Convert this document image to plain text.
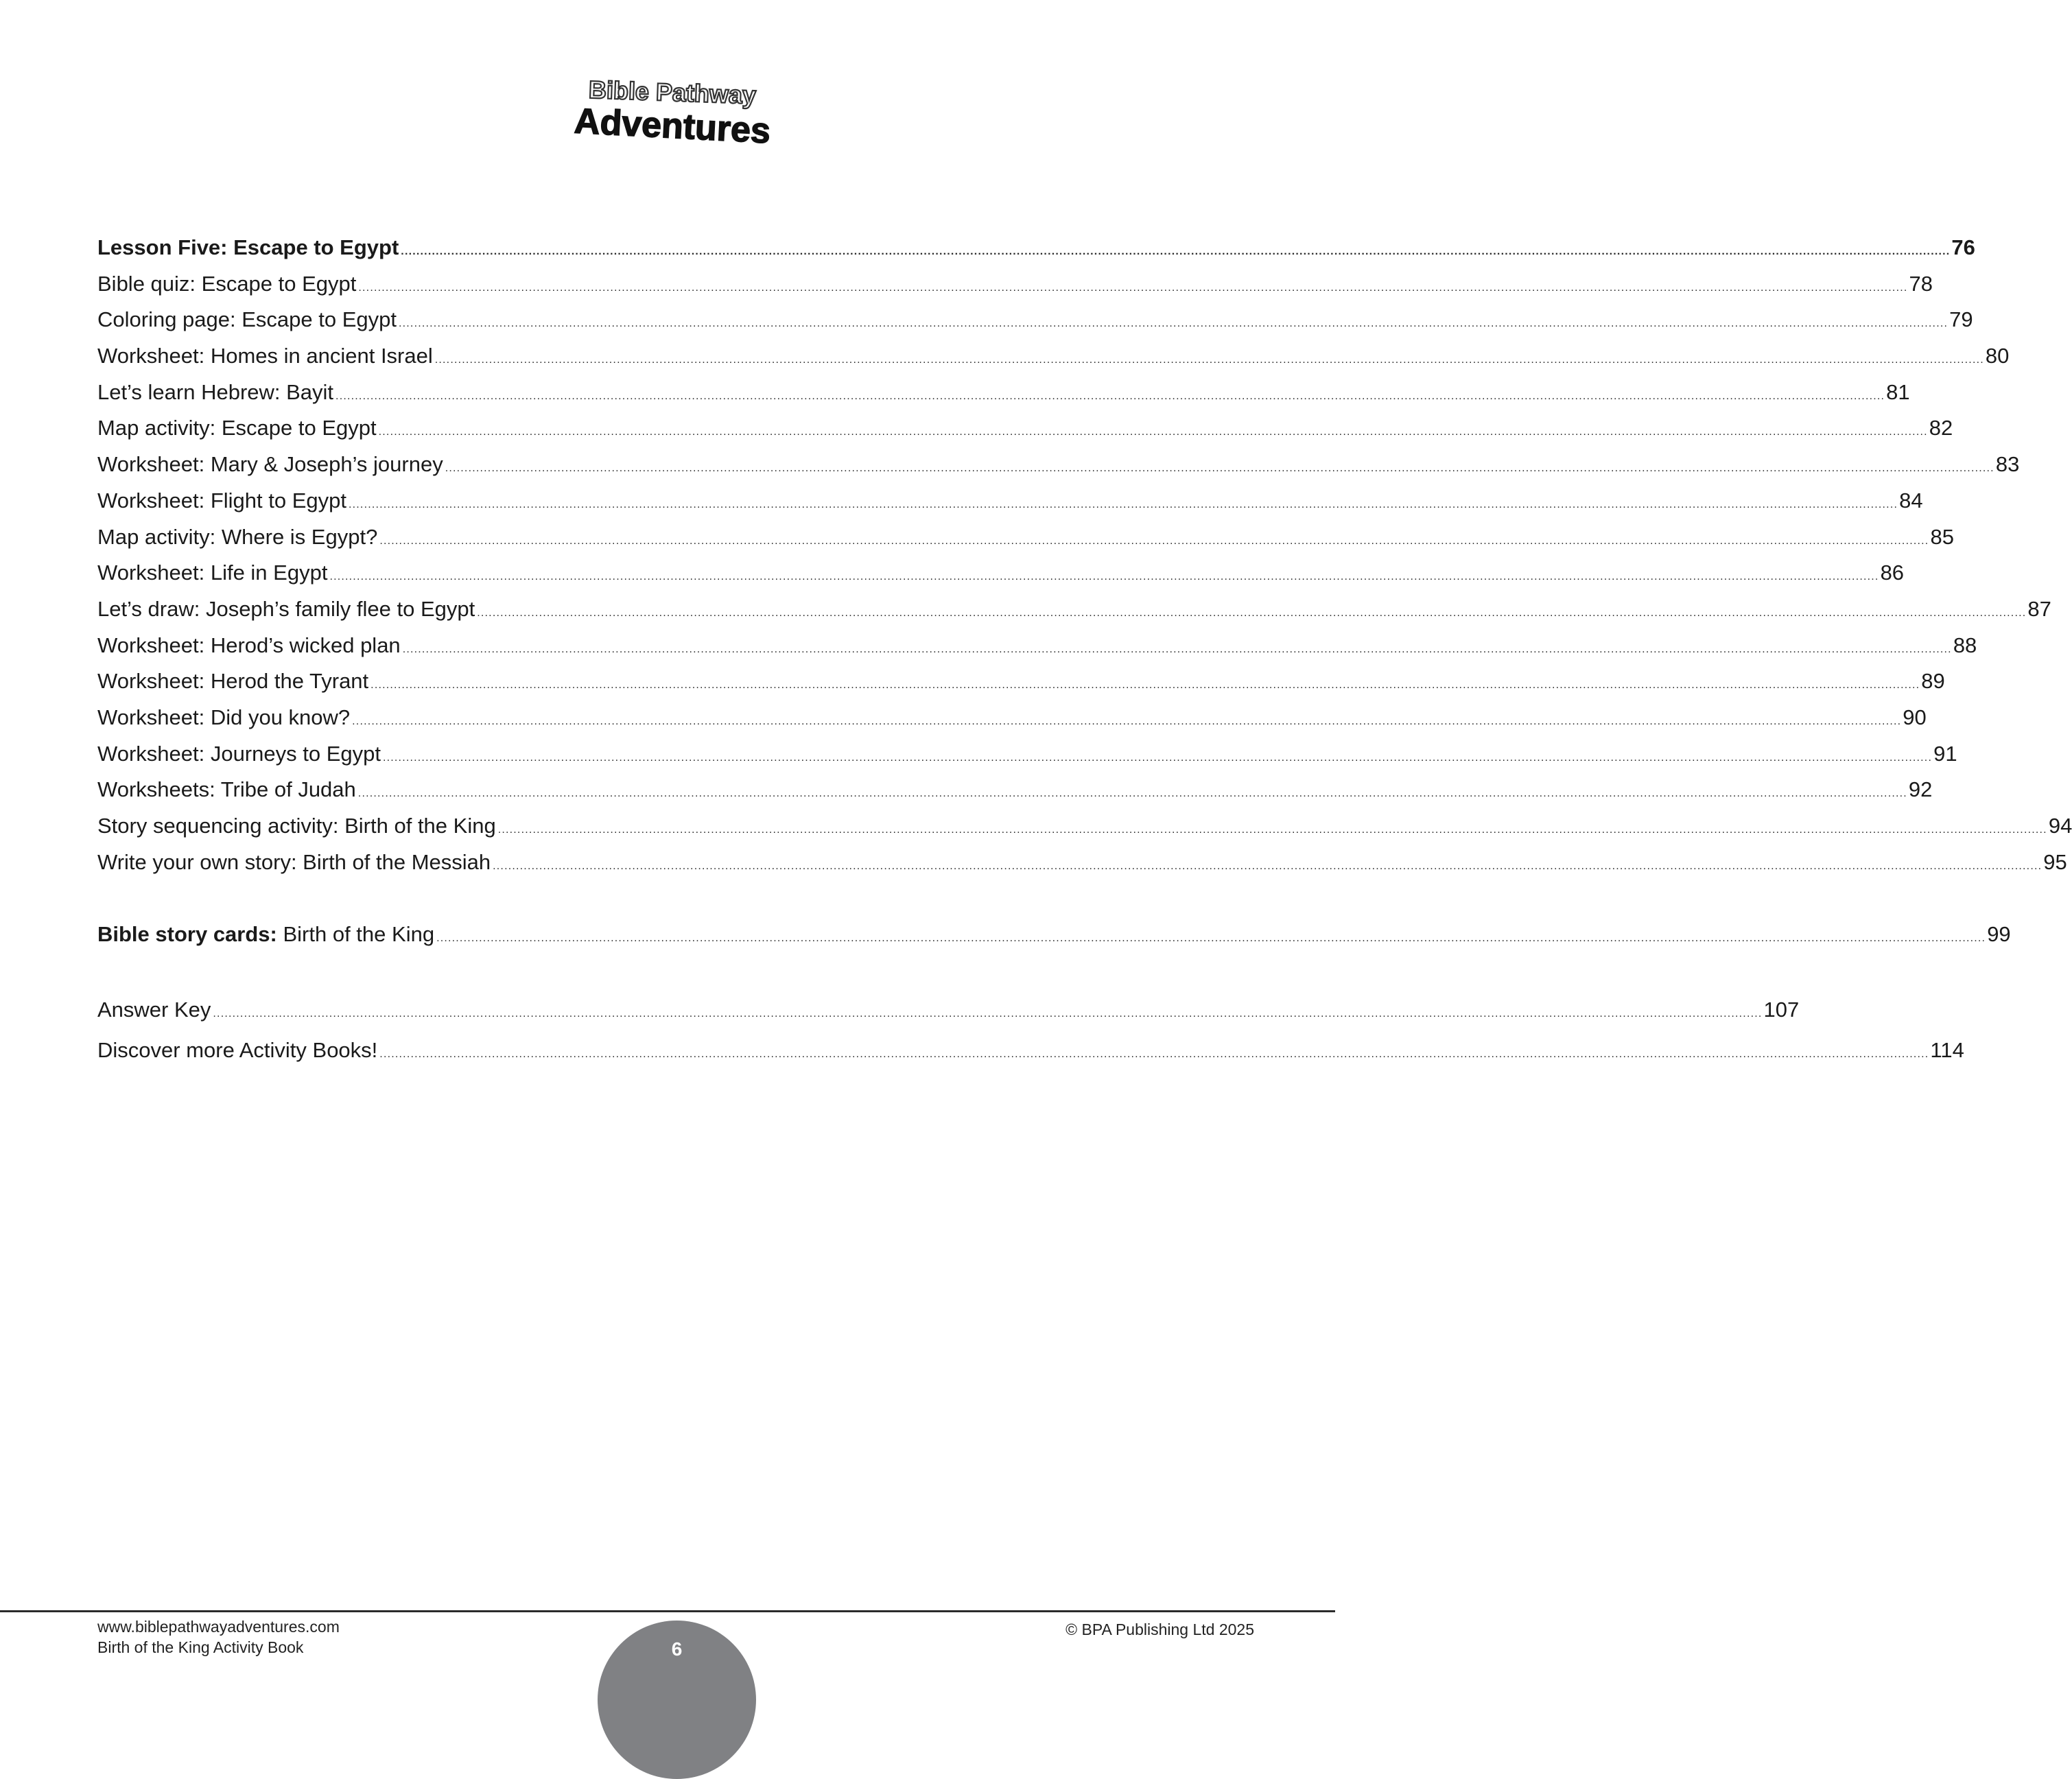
Bible Pathway
Adventures
Lesson Five: Escape to Egypt ................................................................................................................................................................................................................................................................................................................................................................................................................ 76
Bible quiz: Escape to Egypt ................................................................................................................................................................................................................................................................................................................................................................................................................ 78
Coloring page: Escape to Egypt ................................................................................................................................................................................................................................................................................................................................................................................................................ 79
Worksheet: Homes in ancient Israel ................................................................................................................................................................................................................................................................................................................................................................................................................ 80
Let’s learn Hebrew: Bayit ................................................................................................................................................................................................................................................................................................................................................................................................................ 81
Map activity: Escape to Egypt ................................................................................................................................................................................................................................................................................................................................................................................................................ 82
Worksheet: Mary & Joseph’s journey ................................................................................................................................................................................................................................................................................................................................................................................................................ 83
Worksheet: Flight to Egypt ................................................................................................................................................................................................................................................................................................................................................................................................................ 84
Map activity: Where is Egypt? ................................................................................................................................................................................................................................................................................................................................................................................................................ 85
Worksheet: Life in Egypt ................................................................................................................................................................................................................................................................................................................................................................................................................ 86
Let’s draw: Joseph’s family flee to Egypt ................................................................................................................................................................................................................................................................................................................................................................................................................ 87
Worksheet: Herod’s wicked plan ................................................................................................................................................................................................................................................................................................................................................................................................................ 88
Worksheet: Herod the Tyrant ................................................................................................................................................................................................................................................................................................................................................................................................................ 89
Worksheet: Did you know? ................................................................................................................................................................................................................................................................................................................................................................................................................ 90
Worksheet: Journeys to Egypt ................................................................................................................................................................................................................................................................................................................................................................................................................ 91
Worksheets: Tribe of Judah ................................................................................................................................................................................................................................................................................................................................................................................................................ 92
Story sequencing activity: Birth of the King ................................................................................................................................................................................................................................................................................................................................................................................................................ 94
Write your own story: Birth of the Messiah ................................................................................................................................................................................................................................................................................................................................................................................................................ 95
Bible story cards: Birth of the King ................................................................................................................................................................................................................................................................................................................................................................................................................ 99
Answer Key ................................................................................................................................................................................................................................................................................................................................................................................................................ 107
Discover more Activity Books! ................................................................................................................................................................................................................................................................................................................................................................................................................ 114
www.biblepathwayadventures.com
Birth of the King Activity Book
© BPA Publishing Ltd 2025
6
